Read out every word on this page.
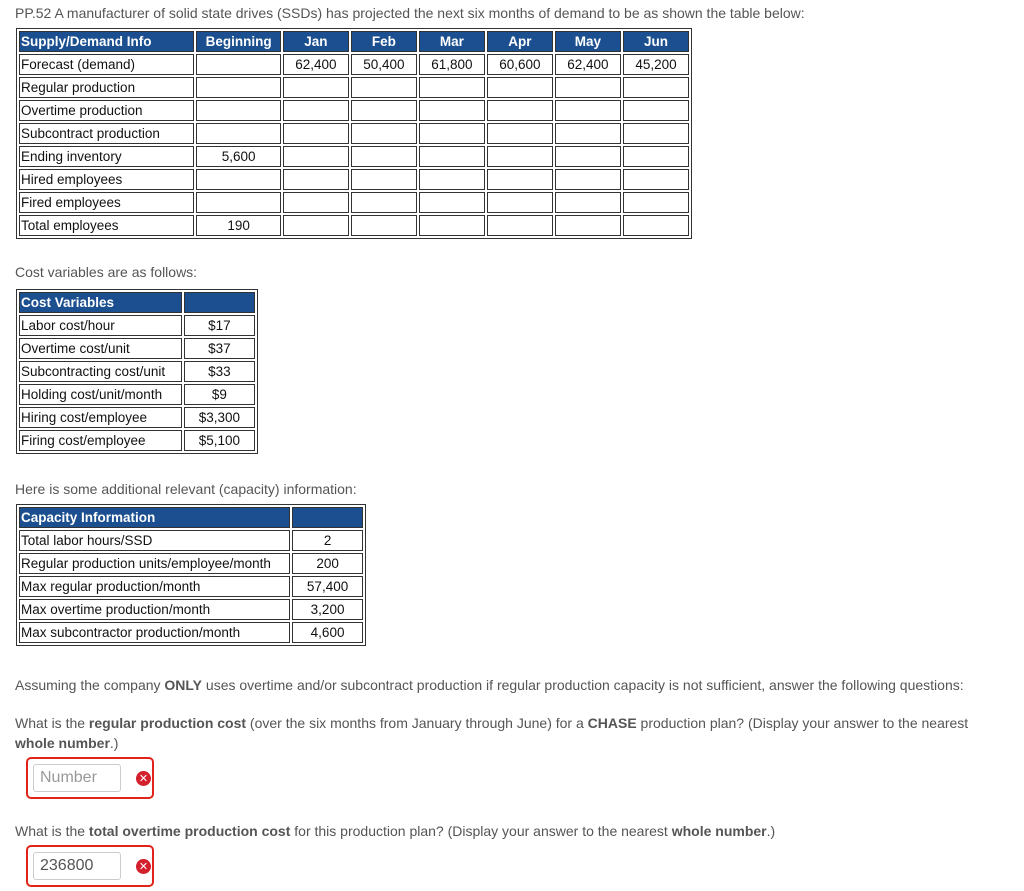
PP.52 A manufacturer of solid state drives (SSDs) has projected the next six months of demand to be as shown the table below:
Supply/Demand Info	Beginning	Jan	Feb	Mar	Apr	May	Jun
Forecast (demand)		62,400	50,400	61,800	60,600	62,400	45,200
Regular production							
Overtime production							
Subcontract production							
Ending inventory	5,600						
Hired employees							
Fired employees							
Total employees	190						
Cost variables are as follows:
Cost Variables	
Labor cost/hour	$17
Overtime cost/unit	$37
Subcontracting cost/unit	$33
Holding cost/unit/month	$9
Hiring cost/employee	$3,300
Firing cost/employee	$5,100
Here is some additional relevant (capacity) information:
Capacity Information	
Total labor hours/SSD	2
Regular production units/employee/month	200
Max regular production/month	57,400
Max overtime production/month	3,200
Max subcontractor production/month	4,600
Assuming the company ONLY uses overtime and/or subcontract production if regular production capacity is not sufficient, answer the following questions:
What is the regular production cost (over the six months from January through June) for a CHASE production plan? (Display your answer to the nearest
whole number.)
Number
✕
What is the total overtime production cost for this production plan? (Display your answer to the nearest whole number.)
236800
✕
